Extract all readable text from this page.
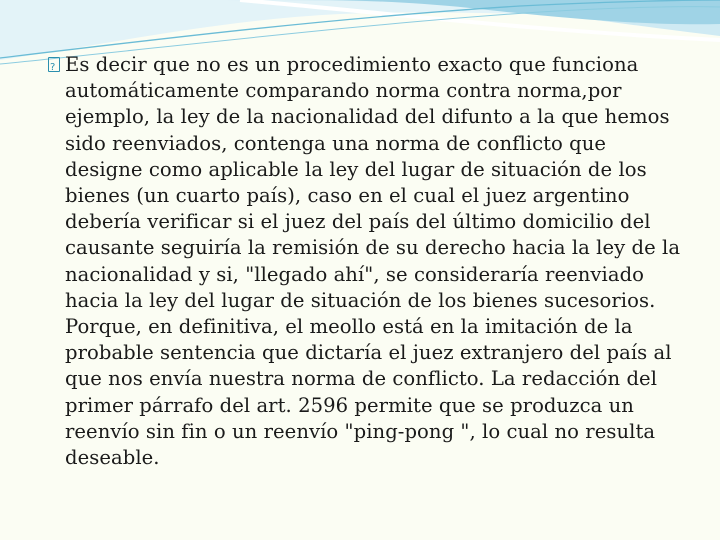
?
Es decir que no es un procedimiento exacto que funciona automáticamente comparando norma contra norma,por ejemplo, la ley de la nacionalidad del difunto a la que hemos sido reenviados, contenga una norma de conflicto que designe como aplicable la ley del lugar de situación de los bienes (un cuarto país), caso en el cual el juez argentino debería verificar si el juez del país del último domicilio del causante seguiría la remisión de su derecho hacia la ley de la nacionalidad y si, "llegado ahí", se consideraría reenviado hacia la ley del lugar de situación de los bienes sucesorios. Porque, en definitiva, el meollo está en la imitación de la probable sentencia que dictaría el juez extranjero del país al que nos envía nuestra norma de conflicto. La redacción del primer párrafo del art. 2596 permite que se produzca un reenvío sin fin o un reenvío "ping-pong ", lo cual no resulta deseable.
